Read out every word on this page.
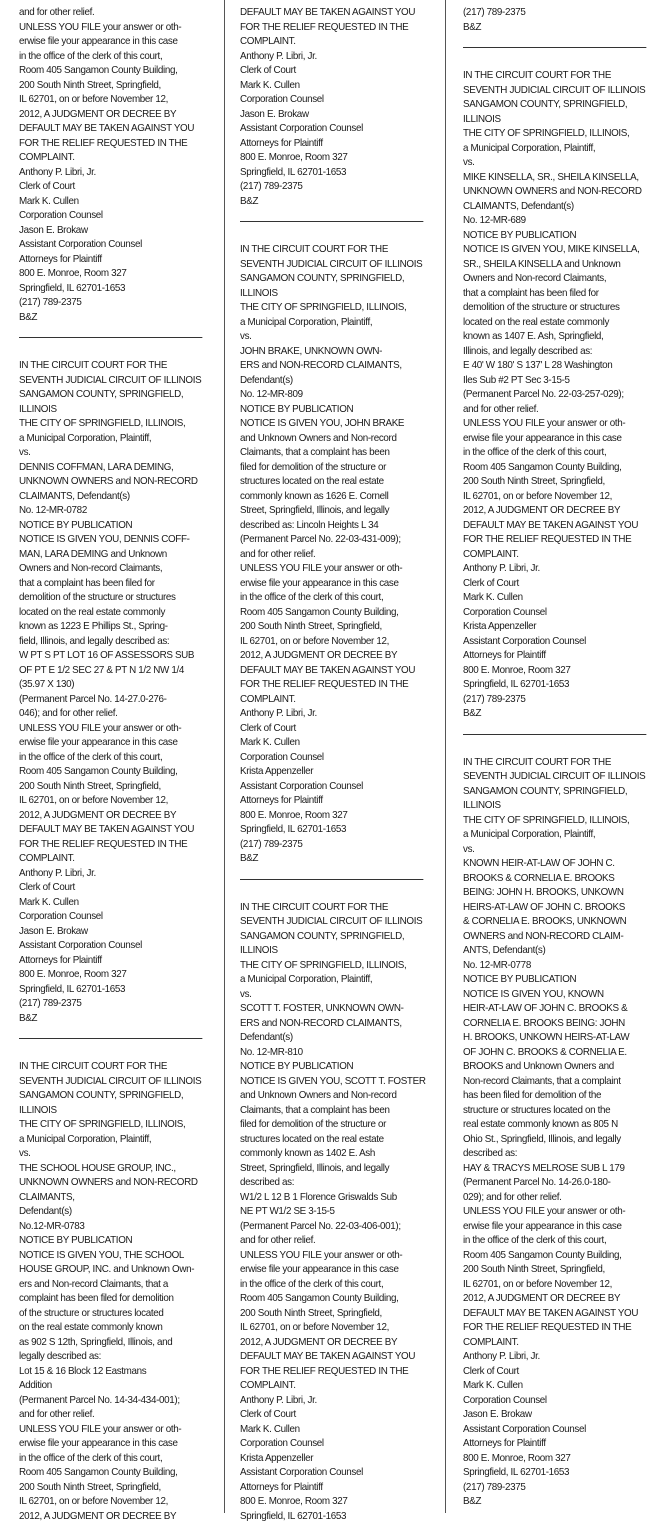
and for other relief.
UNLESS YOU FILE your answer or oth-
erwise file your appearance in this case
in the office of the clerk of this court,
Room 405 Sangamon County Building,
200 South Ninth Street, Springfield,
IL 62701, on or before November 12,
2012, A JUDGMENT OR DECREE BY
DEFAULT MAY BE TAKEN AGAINST YOU
FOR THE RELIEF REQUESTED IN THE
COMPLAINT.
Anthony P. Libri, Jr.
Clerk of Court
Mark K. Cullen
Corporation Counsel
Jason E. Brokaw
Assistant Corporation Counsel
Attorneys for Plaintiff
800 E. Monroe, Room 327
Springfield, IL 62701-1653
(217) 789-2375
B&Z
IN THE CIRCUIT COURT FOR THE
SEVENTH JUDICIAL CIRCUIT OF ILLINOIS
SANGAMON COUNTY, SPRINGFIELD,
ILLINOIS
THE CITY OF SPRINGFIELD, ILLINOIS,
a Municipal Corporation, Plaintiff,
vs.
DENNIS COFFMAN, LARA DEMING,
UNKNOWN OWNERS and NON-RECORD
CLAIMANTS, Defendant(s)
No. 12-MR-0782
NOTICE BY PUBLICATION
NOTICE IS GIVEN YOU, DENNIS COFF-
MAN, LARA DEMING and Unknown
Owners and Non-record Claimants,
that a complaint has been filed for
demolition of the structure or structures
located on the real estate commonly
known as 1223 E Phillips St., Spring-
field, Illinois, and legally described as:
W PT S PT LOT 16 OF ASSESSORS SUB
OF PT E 1/2 SEC 27 & PT N 1/2 NW 1/4
(35.97 X 130)
(Permanent Parcel No. 14-27.0-276-
046); and for other relief.
UNLESS YOU FILE your answer or oth-
erwise file your appearance in this case
in the office of the clerk of this court,
Room 405 Sangamon County Building,
200 South Ninth Street, Springfield,
IL 62701, on or before November 12,
2012, A JUDGMENT OR DECREE BY
DEFAULT MAY BE TAKEN AGAINST YOU
FOR THE RELIEF REQUESTED IN THE
COMPLAINT.
Anthony P. Libri, Jr.
Clerk of Court
Mark K. Cullen
Corporation Counsel
Jason E. Brokaw
Assistant Corporation Counsel
Attorneys for Plaintiff
800 E. Monroe, Room 327
Springfield, IL 62701-1653
(217) 789-2375
B&Z
IN THE CIRCUIT COURT FOR THE
SEVENTH JUDICIAL CIRCUIT OF ILLINOIS
SANGAMON COUNTY, SPRINGFIELD,
ILLINOIS
THE CITY OF SPRINGFIELD, ILLINOIS,
a Municipal Corporation, Plaintiff,
vs.
THE SCHOOL HOUSE GROUP, INC.,
UNKNOWN OWNERS and NON-RECORD
CLAIMANTS,
Defendant(s)
No.12-MR-0783
NOTICE BY PUBLICATION
NOTICE IS GIVEN YOU, THE SCHOOL
HOUSE GROUP, INC. and Unknown Own-
ers and Non-record Claimants, that a
complaint has been filed for demolition
of the structure or structures located
on the real estate commonly known
as 902 S 12th, Springfield, Illinois, and
legally described as:
Lot 15 & 16 Block 12 Eastmans
Addition
(Permanent Parcel No. 14-34-434-001);
and for other relief.
UNLESS YOU FILE your answer or oth-
erwise file your appearance in this case
in the office of the clerk of this court,
Room 405 Sangamon County Building,
200 South Ninth Street, Springfield,
IL 62701, on or before November 12,
2012, A JUDGMENT OR DECREE BY
DEFAULT MAY BE TAKEN AGAINST YOU
FOR THE RELIEF REQUESTED IN THE
COMPLAINT.
Anthony P. Libri, Jr.
Clerk of Court
Mark K. Cullen
Corporation Counsel
Jason E. Brokaw
Assistant Corporation Counsel
Attorneys for Plaintiff
800 E. Monroe, Room 327
Springfield, IL 62701-1653
(217) 789-2375
B&Z
IN THE CIRCUIT COURT FOR THE
SEVENTH JUDICIAL CIRCUIT OF ILLINOIS
SANGAMON COUNTY, SPRINGFIELD,
ILLINOIS
THE CITY OF SPRINGFIELD, ILLINOIS,
a Municipal Corporation, Plaintiff,
vs.
JOHN BRAKE, UNKNOWN OWN-
ERS and NON-RECORD CLAIMANTS,
Defendant(s)
No. 12-MR-809
NOTICE BY PUBLICATION
NOTICE IS GIVEN YOU, JOHN BRAKE
and Unknown Owners and Non-record
Claimants, that a complaint has been
filed for demolition of the structure or
structures located on the real estate
commonly known as 1626 E. Cornell
Street, Springfield, Illinois, and legally
described as: Lincoln Heights L 34
(Permanent Parcel No. 22-03-431-009);
and for other relief.
UNLESS YOU FILE your answer or oth-
erwise file your appearance in this case
in the office of the clerk of this court,
Room 405 Sangamon County Building,
200 South Ninth Street, Springfield,
IL 62701, on or before November 12,
2012, A JUDGMENT OR DECREE BY
DEFAULT MAY BE TAKEN AGAINST YOU
FOR THE RELIEF REQUESTED IN THE
COMPLAINT.
Anthony P. Libri, Jr.
Clerk of Court
Mark K. Cullen
Corporation Counsel
Krista Appenzeller
Assistant Corporation Counsel
Attorneys for Plaintiff
800 E. Monroe, Room 327
Springfield, IL 62701-1653
(217) 789-2375
B&Z
IN THE CIRCUIT COURT FOR THE
SEVENTH JUDICIAL CIRCUIT OF ILLINOIS
SANGAMON COUNTY, SPRINGFIELD,
ILLINOIS
THE CITY OF SPRINGFIELD, ILLINOIS,
a Municipal Corporation, Plaintiff,
vs.
SCOTT T. FOSTER, UNKNOWN OWN-
ERS and NON-RECORD CLAIMANTS,
Defendant(s)
No. 12-MR-810
NOTICE BY PUBLICATION
NOTICE IS GIVEN YOU, SCOTT T. FOSTER
and Unknown Owners and Non-record
Claimants, that a complaint has been
filed for demolition of the structure or
structures located on the real estate
commonly known as 1402 E. Ash
Street, Springfield, Illinois, and legally
described as:
W1/2 L 12 B 1 Florence Griswalds Sub
NE PT W1/2 SE 3-15-5
(Permanent Parcel No. 22-03-406-001);
and for other relief.
UNLESS YOU FILE your answer or oth-
erwise file your appearance in this case
in the office of the clerk of this court,
Room 405 Sangamon County Building,
200 South Ninth Street, Springfield,
IL 62701, on or before November 12,
2012, A JUDGMENT OR DECREE BY
DEFAULT MAY BE TAKEN AGAINST YOU
FOR THE RELIEF REQUESTED IN THE
COMPLAINT.
Anthony P. Libri, Jr.
Clerk of Court
Mark K. Cullen
Corporation Counsel
Krista Appenzeller
Assistant Corporation Counsel
Attorneys for Plaintiff
800 E. Monroe, Room 327
Springfield, IL 62701-1653
(217) 789-2375
B&Z
IN THE CIRCUIT COURT FOR THE
SEVENTH JUDICIAL CIRCUIT OF ILLINOIS
SANGAMON COUNTY, SPRINGFIELD,
ILLINOIS
THE CITY OF SPRINGFIELD, ILLINOIS,
a Municipal Corporation, Plaintiff,
vs.
MIKE KINSELLA, SR., SHEILA KINSELLA,
UNKNOWN OWNERS and NON-RECORD
CLAIMANTS, Defendant(s)
No. 12-MR-689
NOTICE BY PUBLICATION
NOTICE IS GIVEN YOU, MIKE KINSELLA,
SR., SHEILA KINSELLA and Unknown
Owners and Non-record Claimants,
that a complaint has been filed for
demolition of the structure or structures
located on the real estate commonly
known as 1407 E. Ash, Springfield,
Illinois, and legally described as:
E 40' W 180' S 137' L 28 Washington
Iles Sub #2 PT Sec 3-15-5
(Permanent Parcel No. 22-03-257-029);
and for other relief.
UNLESS YOU FILE your answer or oth-
erwise file your appearance in this case
in the office of the clerk of this court,
Room 405 Sangamon County Building,
200 South Ninth Street, Springfield,
IL 62701, on or before November 12,
2012, A JUDGMENT OR DECREE BY
DEFAULT MAY BE TAKEN AGAINST YOU
FOR THE RELIEF REQUESTED IN THE
COMPLAINT.
Anthony P. Libri, Jr.
Clerk of Court
Mark K. Cullen
Corporation Counsel
Krista Appenzeller
Assistant Corporation Counsel
Attorneys for Plaintiff
800 E. Monroe, Room 327
Springfield, IL 62701-1653
(217) 789-2375
B&Z
IN THE CIRCUIT COURT FOR THE
SEVENTH JUDICIAL CIRCUIT OF ILLINOIS
SANGAMON COUNTY, SPRINGFIELD,
ILLINOIS
THE CITY OF SPRINGFIELD, ILLINOIS,
a Municipal Corporation, Plaintiff,
vs.
KNOWN HEIR-AT-LAW OF JOHN C.
BROOKS & CORNELIA E. BROOKS
BEING: JOHN H. BROOKS, UNKOWN
HEIRS-AT-LAW OF JOHN C. BROOKS
& CORNELIA E. BROOKS, UNKNOWN
OWNERS and NON-RECORD CLAIM-
ANTS, Defendant(s)
No. 12-MR-0778
NOTICE BY PUBLICATION
NOTICE IS GIVEN YOU, KNOWN
HEIR-AT-LAW OF JOHN C. BROOKS &
CORNELIA E. BROOKS BEING: JOHN
H. BROOKS, UNKOWN HEIRS-AT-LAW
OF JOHN C. BROOKS & CORNELIA E.
BROOKS and Unknown Owners and
Non-record Claimants, that a complaint
has been filed for demolition of the
structure or structures located on the
real estate commonly known as 805 N
Ohio St., Springfield, Illinois, and legally
described as:
HAY & TRACYS MELROSE SUB L 179
(Permanent Parcel No. 14-26.0-180-
029); and for other relief.
UNLESS YOU FILE your answer or oth-
erwise file your appearance in this case
in the office of the clerk of this court,
Room 405 Sangamon County Building,
200 South Ninth Street, Springfield,
IL 62701, on or before November 12,
2012, A JUDGMENT OR DECREE BY
DEFAULT MAY BE TAKEN AGAINST YOU
FOR THE RELIEF REQUESTED IN THE
COMPLAINT.
Anthony P. Libri, Jr.
Clerk of Court
Mark K. Cullen
Corporation Counsel
Jason E. Brokaw
Assistant Corporation Counsel
Attorneys for Plaintiff
800 E. Monroe, Room 327
Springfield, IL 62701-1653
(217) 789-2375
B&Z
